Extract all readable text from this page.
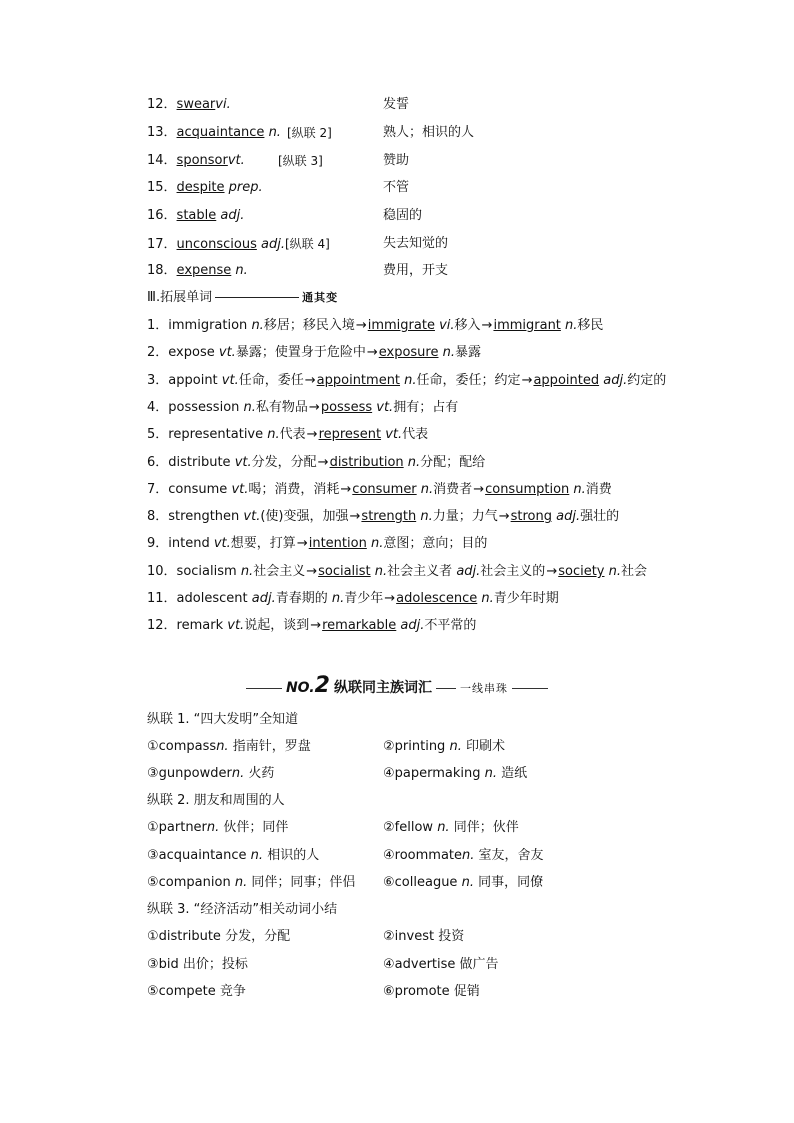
12．swearvi.	发誓
13．acquaintance n. [纵联 2]	熟人；相识的人
14．sponsorvt.	[纵联 3]	赞助
15．despite prep.	不管
16．stable adj.	稳固的
17．unconscious adj.[纵联 4]	失去知觉的
18．expense n.	费用，开支
Ⅲ.拓展单词	通其变
1．immigration n.移居；移民入境→immigrate vi.移入→immigrant n.移民
2．expose vt.暴露；使置身于危险中→exposure n.暴露
3．appoint vt.任命，委任→appointment n.任命，委任；约定→appointed adj.约定的
4．possession n.私有物品→possess vt.拥有；占有
5．representative n.代表→represent vt.代表
6．distribute vt.分发，分配→distribution n.分配；配给
7．consume vt.喝；消费，消耗→consumer n.消费者→consumption n.消费
8．strengthen vt.(使)变强，加强→strength n.力量；力气→strong adj.强壮的
9．intend vt.想要，打算→intention n.意图；意向；目的
10．socialism n.社会主义→socialist n.社会主义者 adj.社会主义的→society n.社会
11．adolescent adj.青春期的 n.青少年→adolescence n.青少年时期
12．remark vt.说起，谈到→remarkable adj.不平常的
NO.2 纵联同主族词汇	一线串珠
纵联 1. “四大发明”全知道
①compassn. 指南针，罗盘	②printing n. 印刷术
③gunpowdern. 火药	④papermaking n. 造纸
纵联 2. 朋友和周围的人
①partnern. 伙伴；同伴	②fellow n. 同伴；伙伴
③acquaintance n. 相识的人	④roommaten. 室友，舍友
⑤companion n. 同伴；同事；伴侣 ⑥colleague n. 同事，同僚
纵联 3. “经济活动”相关动词小结
①distribute 分发，分配	②invest 投资
③bid 出价；投标	④advertise 做广告
⑤compete 竞争	⑥promote 促销
